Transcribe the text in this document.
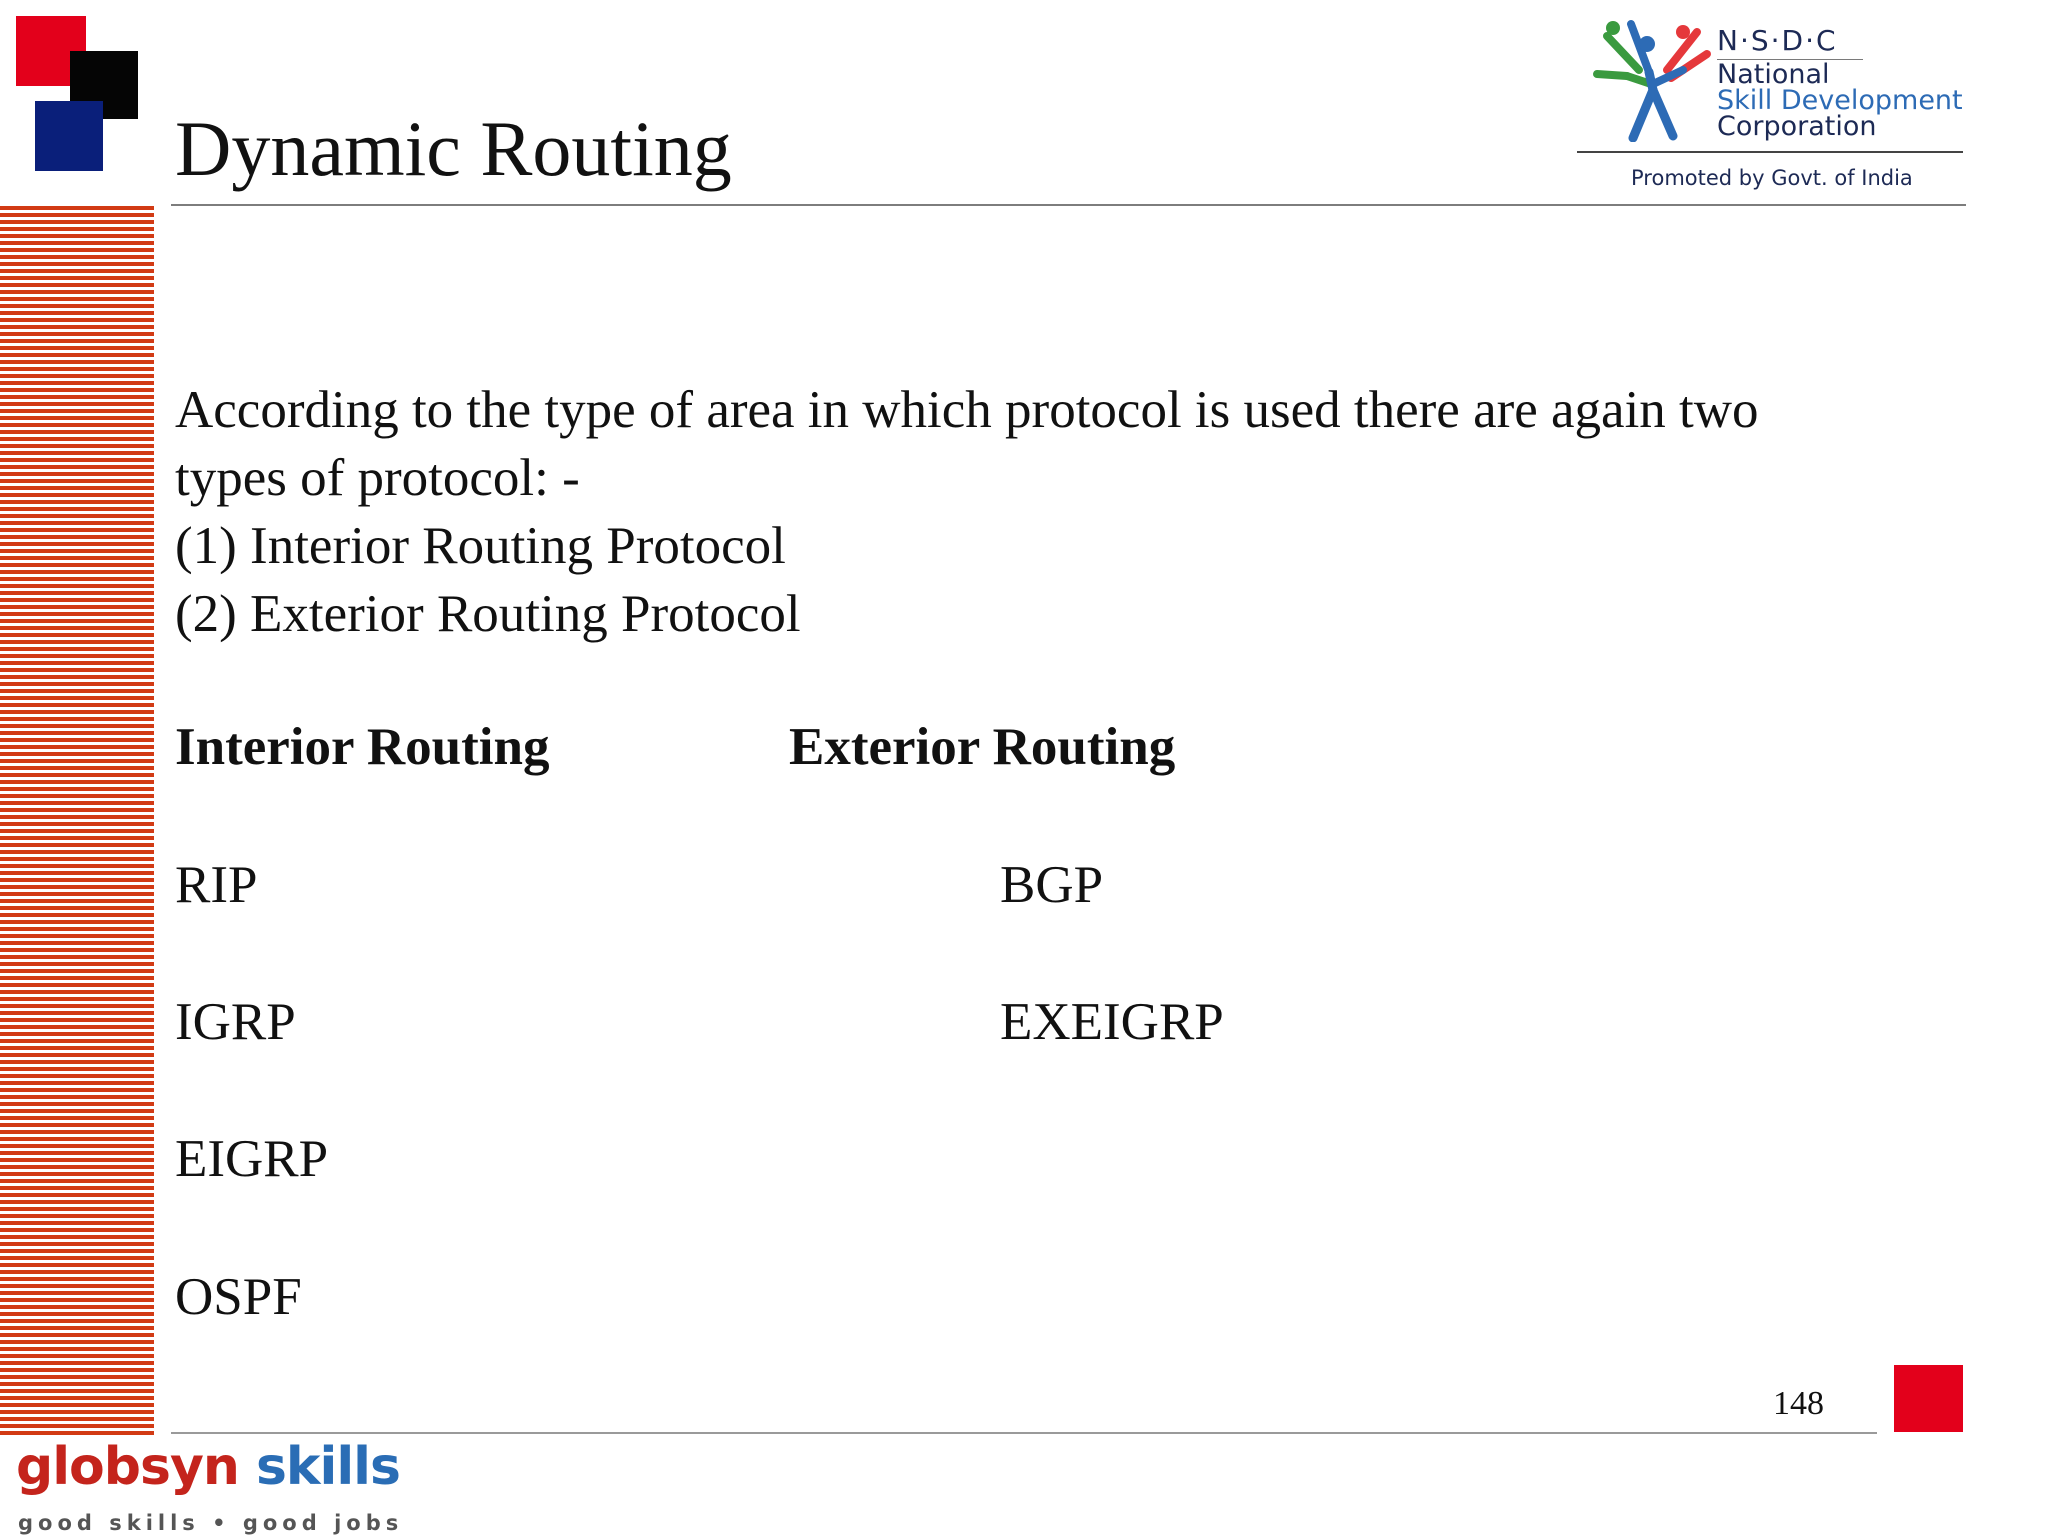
Dynamic Routing
N·S·D·C
National
Skill Development
Corporation
Promoted by Govt. of India
According to the type of area in which protocol is used there are again two
types of protocol: -
(1) Interior Routing Protocol
(2) Exterior Routing Protocol
Interior Routing	Exterior Routing
RIP
IGRP
EIGRP
OSPF
BGP
EXEIGRP
148
globsyn skills
good skills • good jobs
